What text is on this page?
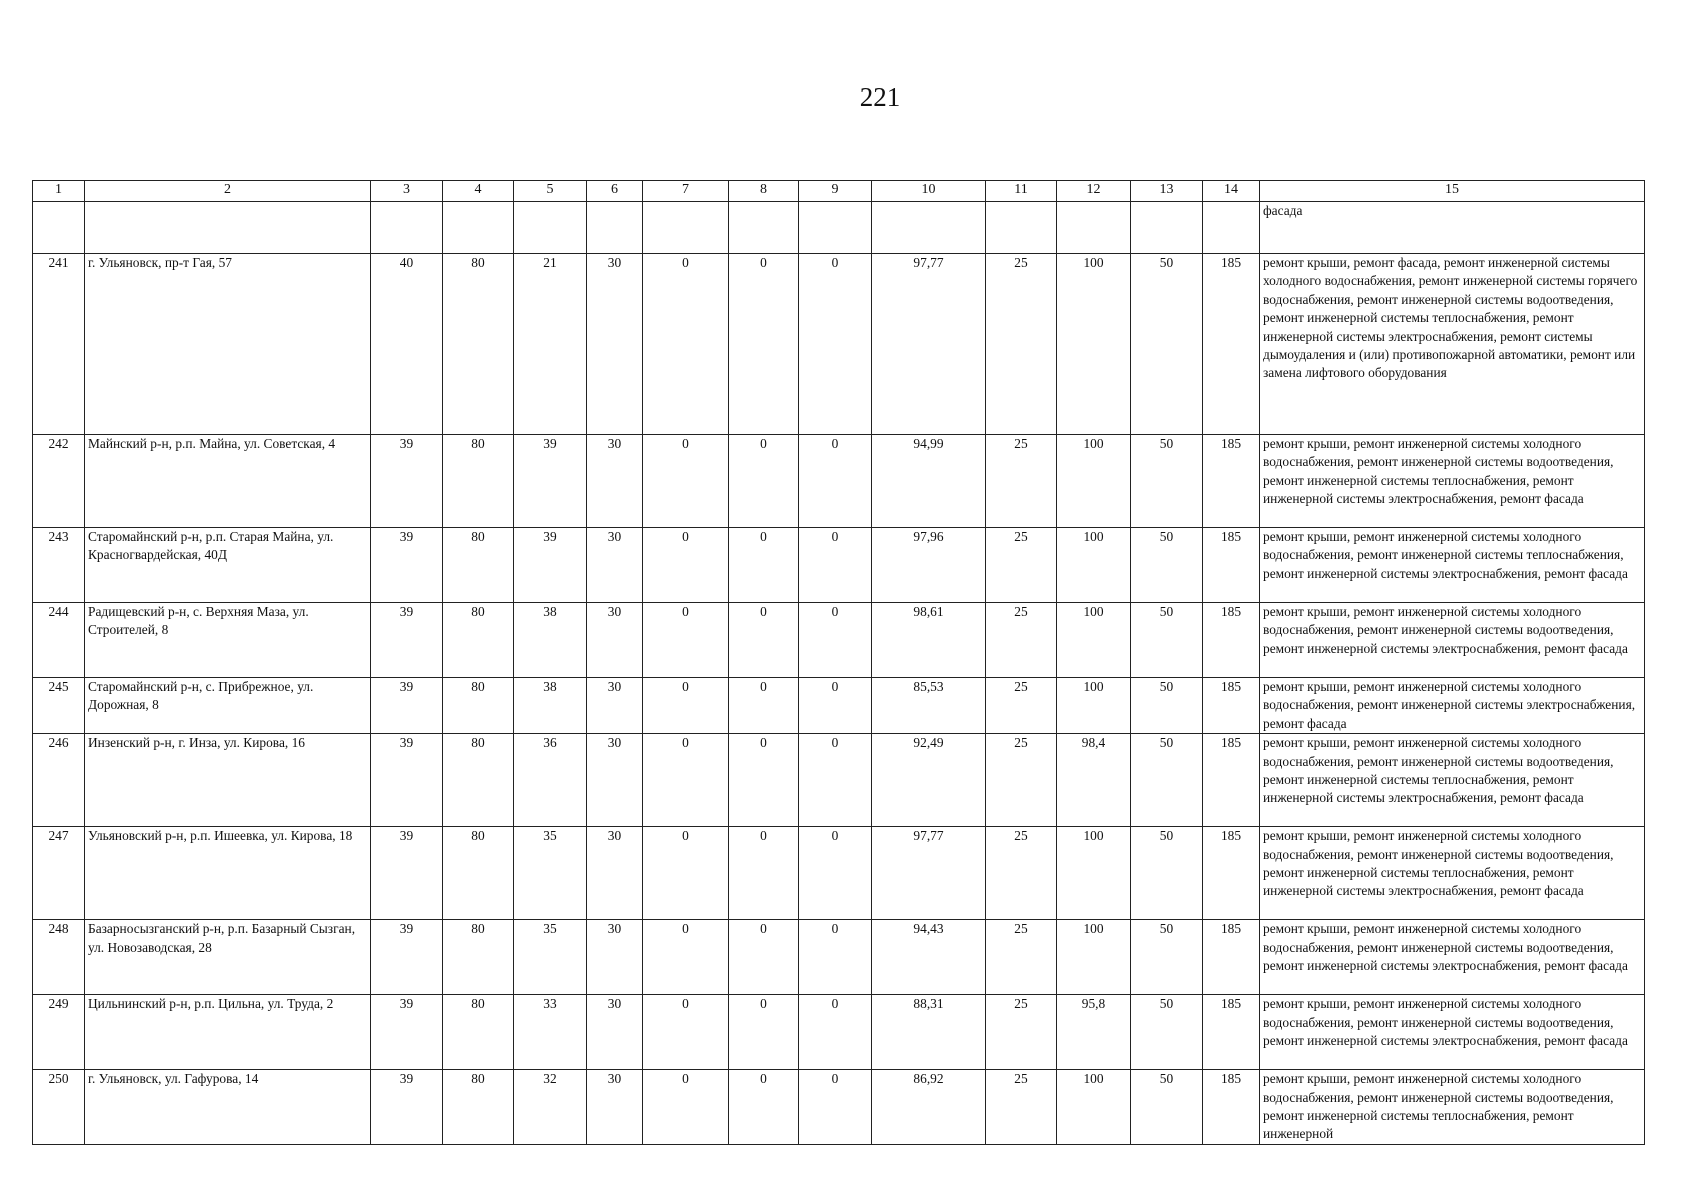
221
1	2	3	4	5	6	7	8	9	10	11	12	13	14	15
														фасада
241	г. Ульяновск, пр-т Гая, 57	40	80	21	30	0	0	0	97,77	25	100	50	185	ремонт крыши, ремонт фасада, ремонт инженерной системы холодного водоснабжения, ремонт инженерной системы горячего водоснабжения, ремонт инженерной системы водоотведения, ремонт инженерной системы теплоснабжения, ремонт инженерной системы электроснабжения, ремонт системы дымоудаления и (или) противопожарной автоматики, ремонт или замена лифтового оборудования
242	Майнский р-н, р.п. Майна, ул. Советская, 4	39	80	39	30	0	0	0	94,99	25	100	50	185	ремонт крыши, ремонт инженерной системы холодного водоснабжения, ремонт инженерной системы водоотведения, ремонт инженерной системы теплоснабжения, ремонт инженерной системы электроснабжения, ремонт фасада
243	Старомайнский р-н, р.п. Старая Майна, ул. Красногвардейская, 40Д	39	80	39	30	0	0	0	97,96	25	100	50	185	ремонт крыши, ремонт инженерной системы холодного водоснабжения, ремонт инженерной системы теплоснабжения, ремонт инженерной системы электроснабжения, ремонт фасада
244	Радищевский р-н, с. Верхняя Маза, ул. Строителей, 8	39	80	38	30	0	0	0	98,61	25	100	50	185	ремонт крыши, ремонт инженерной системы холодного водоснабжения, ремонт инженерной системы водоотведения, ремонт инженерной системы электроснабжения, ремонт фасада
245	Старомайнский р-н, с. Прибрежное, ул. Дорожная, 8	39	80	38	30	0	0	0	85,53	25	100	50	185	ремонт крыши, ремонт инженерной системы холодного водоснабжения, ремонт инженерной системы электроснабжения, ремонт фасада
246	Инзенский р-н, г. Инза, ул. Кирова, 16	39	80	36	30	0	0	0	92,49	25	98,4	50	185	ремонт крыши, ремонт инженерной системы холодного водоснабжения, ремонт инженерной системы водоотведения, ремонт инженерной системы теплоснабжения, ремонт инженерной системы электроснабжения, ремонт фасада
247	Ульяновский р-н, р.п. Ишеевка, ул. Кирова, 18	39	80	35	30	0	0	0	97,77	25	100	50	185	ремонт крыши, ремонт инженерной системы холодного водоснабжения, ремонт инженерной системы водоотведения, ремонт инженерной системы теплоснабжения, ремонт инженерной системы электроснабжения, ремонт фасада
248	Базарносызганский р-н, р.п. Базарный Сызган, ул. Новозаводская, 28	39	80	35	30	0	0	0	94,43	25	100	50	185	ремонт крыши, ремонт инженерной системы холодного водоснабжения, ремонт инженерной системы водоотведения, ремонт инженерной системы электроснабжения, ремонт фасада
249	Цильнинский р-н, р.п. Цильна, ул. Труда, 2	39	80	33	30	0	0	0	88,31	25	95,8	50	185	ремонт крыши, ремонт инженерной системы холодного водоснабжения, ремонт инженерной системы водоотведения, ремонт инженерной системы электроснабжения, ремонт фасада
250	г. Ульяновск, ул. Гафурова, 14	39	80	32	30	0	0	0	86,92	25	100	50	185	ремонт крыши, ремонт инженерной системы холодного водоснабжения, ремонт инженерной системы водоотведения, ремонт инженерной системы теплоснабжения, ремонт инженерной
